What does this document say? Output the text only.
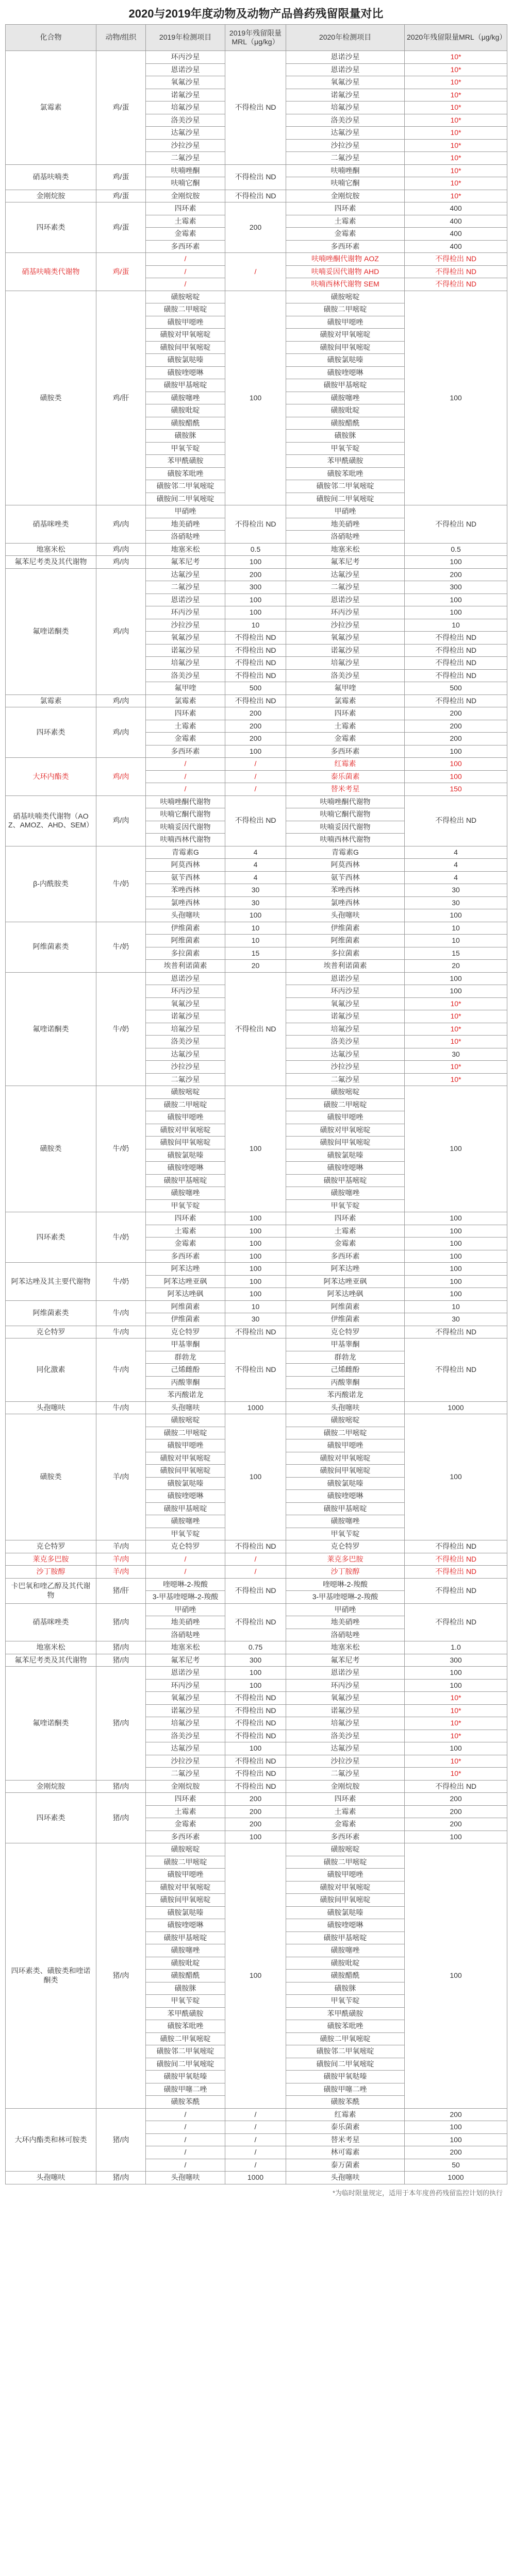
2020与2019年度动物及动物产品兽药残留限量对比
化合物	动物/组织	2019年检测项目	2019年残留限量MRL（μg/kg）	2020年检测项目	2020年残留限量MRL（μg/kg）
氯霉素	鸡/蛋	环丙沙星	不得检出 ND	恩诺沙星	10*
		恩诺沙星		恩诺沙星	10*
		氧氟沙星		氧氟沙星	10*
		诺氟沙星		诺氟沙星	10*
		培氟沙星		培氟沙星	10*
		洛美沙星		洛美沙星	10*
		达氟沙星		达氟沙星	10*
		沙拉沙星		沙拉沙星	10*
		二氟沙星		二氟沙星	10*
硝基呋喃类	鸡/蛋	呋喃唑酮	不得检出 ND	呋喃唑酮	10*
		呋喃它酮		呋喃它酮	10*
金刚烷胺	鸡/蛋	金刚烷胺	不得检出 ND	金刚烷胺	10*
四环素类	鸡/蛋	四环素	200	四环素	400
		土霉素		土霉素	400
		金霉素		金霉素	400
		多西环素		多西环素	400
硝基呋喃类代谢物	鸡/蛋	/	/	呋喃唑酮代谢物 AOZ	不得检出 ND
		/		呋喃妥因代谢物 AHD	不得检出 ND
		/		呋喃西林代谢物 SEM	不得检出 ND
磺胺类	鸡/肝	磺胺嘧啶	100	磺胺嘧啶	100
		磺胺二甲嘧啶		磺胺二甲嘧啶	
		磺胺甲噁唑		磺胺甲噁唑	
		磺胺对甲氧嘧啶		磺胺对甲氧嘧啶	
		磺胺间甲氧嘧啶		磺胺间甲氧嘧啶	
		磺胺氯哒嗪		磺胺氯哒嗪	
		磺胺喹噁啉		磺胺喹噁啉	
		磺胺甲基嘧啶		磺胺甲基嘧啶	
		磺胺噻唑		磺胺噻唑	
		磺胺吡啶		磺胺吡啶	
		磺胺醋酰		磺胺醋酰	
		磺胺脒		磺胺脒	
		甲氧苄啶		甲氧苄啶	
		苯甲酰磺胺		苯甲酰磺胺	
		磺胺苯吡唑		磺胺苯吡唑	
		磺胺邻二甲氧嘧啶		磺胺邻二甲氧嘧啶	
		磺胺间二甲氧嘧啶		磺胺间二甲氧嘧啶	
硝基咪唑类	鸡/肉	甲硝唑	不得检出 ND	甲硝唑	不得检出 ND
		地美硝唑		地美硝唑	
		洛硝哒唑		洛硝哒唑	
地塞米松	鸡/肉	地塞米松	0.5	地塞米松	0.5
氟苯尼考类及其代谢物	鸡/肉	氟苯尼考	100	氟苯尼考	100
氟喹诺酮类	鸡/肉	达氟沙星	200	达氟沙星	200
		二氟沙星	300	二氟沙星	300
		恩诺沙星	100	恩诺沙星	100
		环丙沙星	100	环丙沙星	100
		沙拉沙星	10	沙拉沙星	10
		氧氟沙星	不得检出 ND	氧氟沙星	不得检出 ND
		诺氟沙星	不得检出 ND	诺氟沙星	不得检出 ND
		培氟沙星	不得检出 ND	培氟沙星	不得检出 ND
		洛美沙星	不得检出 ND	洛美沙星	不得检出 ND
		氟甲喹	500	氟甲喹	500
氯霉素	鸡/肉	氯霉素	不得检出 ND	氯霉素	不得检出 ND
四环素类	鸡/肉	四环素	200	四环素	200
		土霉素	200	土霉素	200
		金霉素	200	金霉素	200
		多西环素	100	多西环素	100
大环内酯类	鸡/肉	/	/	红霉素	100
		/	/	泰乐菌素	100
		/	/	替米考星	150
硝基呋喃类代谢物（AOZ、AMOZ、AHD、SEM）	鸡/肉	呋喃唑酮代谢物	不得检出 ND	呋喃唑酮代谢物	不得检出 ND
		呋喃它酮代谢物		呋喃它酮代谢物	
		呋喃妥因代谢物		呋喃妥因代谢物	
		呋喃西林代谢物		呋喃西林代谢物	
β-内酰胺类	牛/奶	青霉素G	4	青霉素G	4
		阿莫西林	4	阿莫西林	4
		氨苄西林	4	氨苄西林	4
		苯唑西林	30	苯唑西林	30
		氯唑西林	30	氯唑西林	30
		头孢噻呋	100	头孢噻呋	100
阿维菌素类	牛/奶	伊维菌素	10	伊维菌素	10
		阿维菌素	10	阿维菌素	10
		多拉菌素	15	多拉菌素	15
		埃普利诺菌素	20	埃普利诺菌素	20
氟喹诺酮类	牛/奶	恩诺沙星	不得检出 ND	恩诺沙星	100
		环丙沙星		环丙沙星	100
		氧氟沙星		氧氟沙星	10*
		诺氟沙星		诺氟沙星	10*
		培氟沙星		培氟沙星	10*
		洛美沙星		洛美沙星	10*
		达氟沙星		达氟沙星	30
		沙拉沙星		沙拉沙星	10*
		二氟沙星		二氟沙星	10*
磺胺类	牛/奶	磺胺嘧啶	100	磺胺嘧啶	100
		磺胺二甲嘧啶		磺胺二甲嘧啶	
		磺胺甲噁唑		磺胺甲噁唑	
		磺胺对甲氧嘧啶		磺胺对甲氧嘧啶	
		磺胺间甲氧嘧啶		磺胺间甲氧嘧啶	
		磺胺氯哒嗪		磺胺氯哒嗪	
		磺胺喹噁啉		磺胺喹噁啉	
		磺胺甲基嘧啶		磺胺甲基嘧啶	
		磺胺噻唑		磺胺噻唑	
		甲氧苄啶		甲氧苄啶	
四环素类	牛/奶	四环素	100	四环素	100
		土霉素	100	土霉素	100
		金霉素	100	金霉素	100
		多西环素	100	多西环素	100
阿苯达唑及其主要代谢物	牛/奶	阿苯达唑	100	阿苯达唑	100
		阿苯达唑亚砜	100	阿苯达唑亚砜	100
		阿苯达唑砜	100	阿苯达唑砜	100
阿维菌素类	牛/肉	阿维菌素	10	阿维菌素	10
		伊维菌素	30	伊维菌素	30
克仑特罗	牛/肉	克仑特罗	不得检出 ND	克仑特罗	不得检出 ND
同化激素	牛/肉	甲基睾酮	不得检出 ND	甲基睾酮	不得检出 ND
		群勃龙		群勃龙	
		己烯雌酚		己烯雌酚	
		丙酸睾酮		丙酸睾酮	
		苯丙酸诺龙		苯丙酸诺龙	
头孢噻呋	牛/肉	头孢噻呋	1000	头孢噻呋	1000
磺胺类	羊/肉	磺胺嘧啶	100	磺胺嘧啶	100
		磺胺二甲嘧啶		磺胺二甲嘧啶	
		磺胺甲噁唑		磺胺甲噁唑	
		磺胺对甲氧嘧啶		磺胺对甲氧嘧啶	
		磺胺间甲氧嘧啶		磺胺间甲氧嘧啶	
		磺胺氯哒嗪		磺胺氯哒嗪	
		磺胺喹噁啉		磺胺喹噁啉	
		磺胺甲基嘧啶		磺胺甲基嘧啶	
		磺胺噻唑		磺胺噻唑	
		甲氧苄啶		甲氧苄啶	
克仑特罗	羊/肉	克仑特罗	不得检出 ND	克仑特罗	不得检出 ND
莱克多巴胺	羊/肉	/	/	莱克多巴胺	不得检出 ND
沙丁胺醇	羊/肉	/	/	沙丁胺醇	不得检出 ND
卡巴氧和喹乙醇及其代谢物	猪/肝	喹噁啉-2-羧酸	不得检出 ND	喹噁啉-2-羧酸	不得检出 ND
		3-甲基喹噁啉-2-羧酸		3-甲基喹噁啉-2-羧酸	
硝基咪唑类	猪/肉	甲硝唑	不得检出 ND	甲硝唑	不得检出 ND
		地美硝唑		地美硝唑	
		洛硝哒唑		洛硝哒唑	
地塞米松	猪/肉	地塞米松	0.75	地塞米松	1.0
氟苯尼考类及其代谢物	猪/肉	氟苯尼考	300	氟苯尼考	300
氟喹诺酮类	猪/肉	恩诺沙星	100	恩诺沙星	100
		环丙沙星	100	环丙沙星	100
		氧氟沙星	不得检出 ND	氧氟沙星	10*
		诺氟沙星	不得检出 ND	诺氟沙星	10*
		培氟沙星	不得检出 ND	培氟沙星	10*
		洛美沙星	不得检出 ND	洛美沙星	10*
		达氟沙星	100	达氟沙星	100
		沙拉沙星	不得检出 ND	沙拉沙星	10*
		二氟沙星	不得检出 ND	二氟沙星	10*
金刚烷胺	猪/肉	金刚烷胺	不得检出 ND	金刚烷胺	不得检出 ND
四环素类	猪/肉	四环素	200	四环素	200
		土霉素	200	土霉素	200
		金霉素	200	金霉素	200
		多西环素	100	多西环素	100
四环素类、磺胺类和喹诺酮类	猪/肉	磺胺嘧啶	100	磺胺嘧啶	100
		磺胺二甲嘧啶		磺胺二甲嘧啶	
		磺胺甲噁唑		磺胺甲噁唑	
		磺胺对甲氧嘧啶		磺胺对甲氧嘧啶	
		磺胺间甲氧嘧啶		磺胺间甲氧嘧啶	
		磺胺氯哒嗪		磺胺氯哒嗪	
		磺胺喹噁啉		磺胺喹噁啉	
		磺胺甲基嘧啶		磺胺甲基嘧啶	
		磺胺噻唑		磺胺噻唑	
		磺胺吡啶		磺胺吡啶	
		磺胺醋酰		磺胺醋酰	
		磺胺脒		磺胺脒	
		甲氧苄啶		甲氧苄啶	
		苯甲酰磺胺		苯甲酰磺胺	
		磺胺苯吡唑		磺胺苯吡唑	
		磺胺二甲氧嘧啶		磺胺二甲氧嘧啶	
		磺胺邻二甲氧嘧啶		磺胺邻二甲氧嘧啶	
		磺胺间二甲氧嘧啶		磺胺间二甲氧嘧啶	
		磺胺甲氧哒嗪		磺胺甲氧哒嗪	
		磺胺甲噻二唑		磺胺甲噻二唑	
		磺胺苯酰		磺胺苯酰	
大环内酯类和林可胺类	猪/肉	/	/	红霉素	200
		/	/	泰乐菌素	100
		/	/	替米考星	100
		/	/	林可霉素	200
		/	/	泰万菌素	50
头孢噻呋	猪/肉	头孢噻呋	1000	头孢噻呋	1000
*为临时限量规定，适用于本年度兽药残留监控计划的执行
